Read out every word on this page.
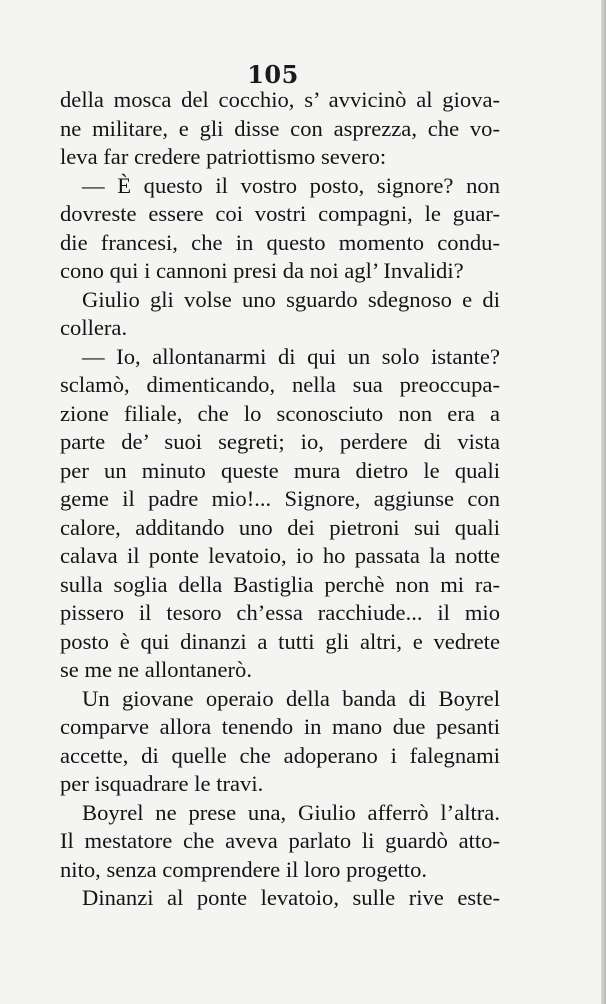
105
della mosca del cocchio, s’ avvicinò al giova-
ne militare, e gli disse con asprezza, che vo-
leva far credere patriottismo severo:
— È questo il vostro posto, signore? non
dovreste essere coi vostri compagni, le guar-
die francesi, che in questo momento condu-
cono qui i cannoni presi da noi agl’ Invalidi?
Giulio gli volse uno sguardo sdegnoso e di
collera.
— Io, allontanarmi di qui un solo istante?
sclamò, dimenticando, nella sua preoccupa-
zione filiale, che lo sconosciuto non era a
parte de’ suoi segreti; io, perdere di vista
per un minuto queste mura dietro le quali
geme il padre mio!... Signore, aggiunse con
calore, additando uno dei pietroni sui quali
calava il ponte levatoio, io ho passata la notte
sulla soglia della Bastiglia perchè non mi ra-
pissero il tesoro ch’essa racchiude... il mio
posto è qui dinanzi a tutti gli altri, e vedrete
se me ne allontanerò.
Un giovane operaio della banda di Boyrel
comparve allora tenendo in mano due pesanti
accette, di quelle che adoperano i falegnami
per isquadrare le travi.
Boyrel ne prese una, Giulio afferrò l’altra.
Il mestatore che aveva parlato li guardò atto-
nito, senza comprendere il loro progetto.
Dinanzi al ponte levatoio, sulle rive este-
